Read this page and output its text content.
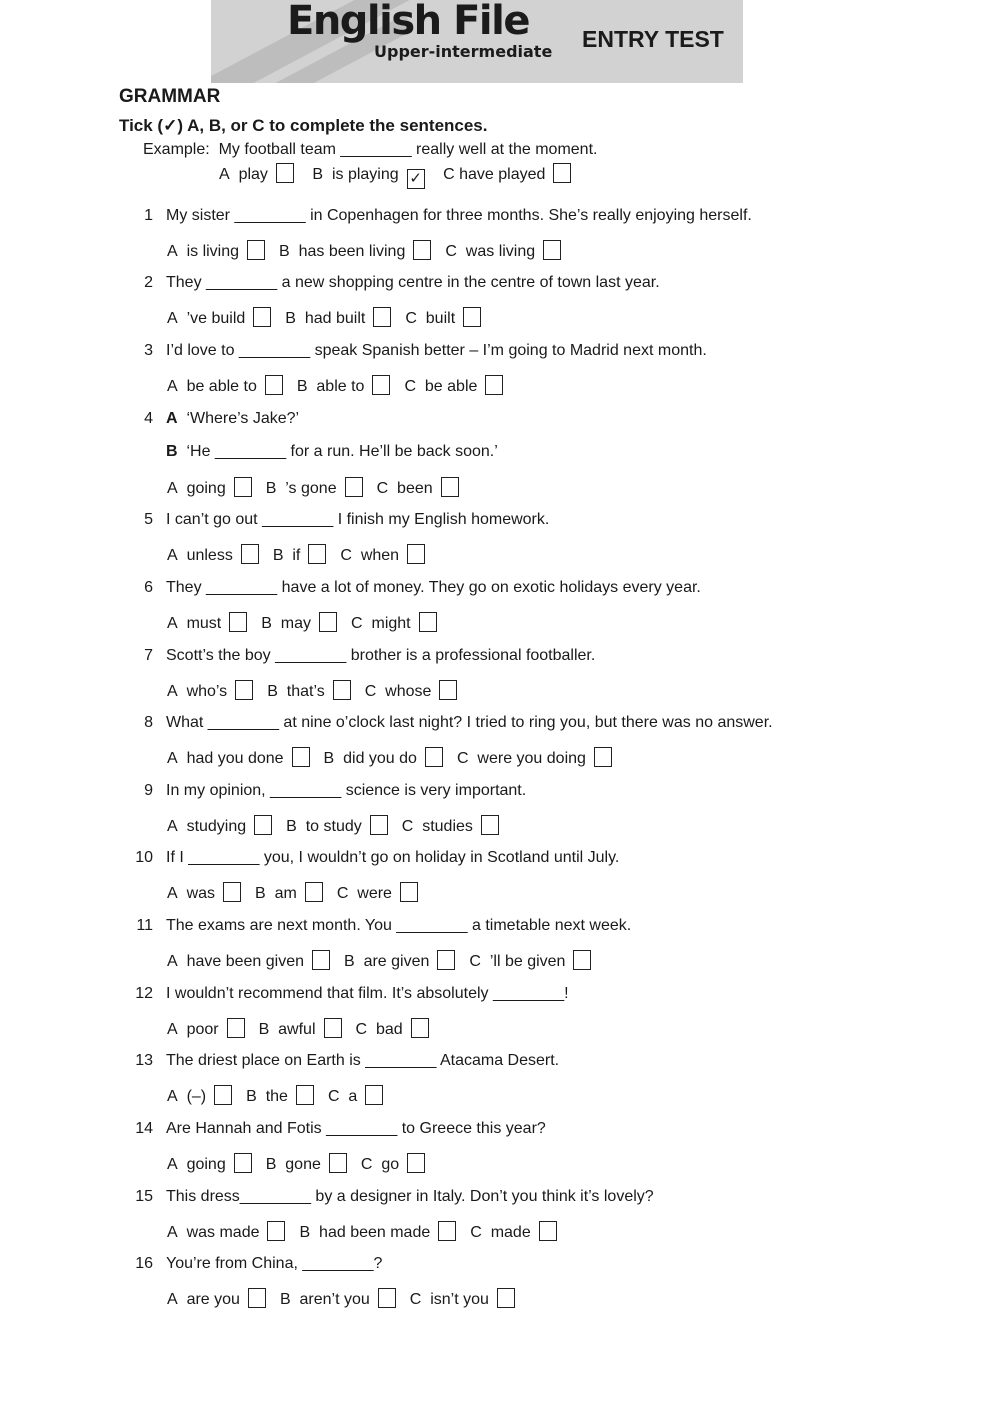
English File
Upper-intermediate ENTRY TEST
GRAMMAR
Tick (✓) A, B, or C to complete the sentences.
Example: My football team ________ really well at the moment.
A play	B is playing ✓ C have played
1 My sister ________ in Copenhagen for three months. She’s really enjoying herself.
A is living	B has been living	C was living
2 They ________ a new shopping centre in the centre of town last year.
A ’ve build	B had built	C built
3 I’d love to ________ speak Spanish better – I’m going to Madrid next month.
A be able to	B able to	C be able
4 A ‘Where’s Jake?’
B ‘He ________ for a run. He’ll be back soon.’
A going	B ’s gone	C been
5 I can’t go out ________ I finish my English homework.
A unless	B if	C when
6 They ________ have a lot of money. They go on exotic holidays every year.
A must	B may	C might
7 Scott’s the boy ________ brother is a professional footballer.
A who’s	B that’s	C whose
8 What ________ at nine o’clock last night? I tried to ring you, but there was no answer.
A had you done	B did you do	C were you doing
9 In my opinion, ________ science is very important.
A studying	B to study	C studies
10 If I ________ you, I wouldn’t go on holiday in Scotland until July.
A was	B am	C were
11 The exams are next month. You ________ a timetable next week.
A have been given	B are given	C ’ll be given
12 I wouldn’t recommend that film. It’s absolutely ________!
A poor	B awful	C bad
13 The driest place on Earth is ________ Atacama Desert.
A (–)	B the	C a
14 Are Hannah and Fotis ________ to Greece this year?
A going	B gone	C go
15 This dress________ by a designer in Italy. Don’t you think it’s lovely?
A was made	B had been made	C made
16 You’re from China, ________?
A are you	B aren’t you	C isn’t you
